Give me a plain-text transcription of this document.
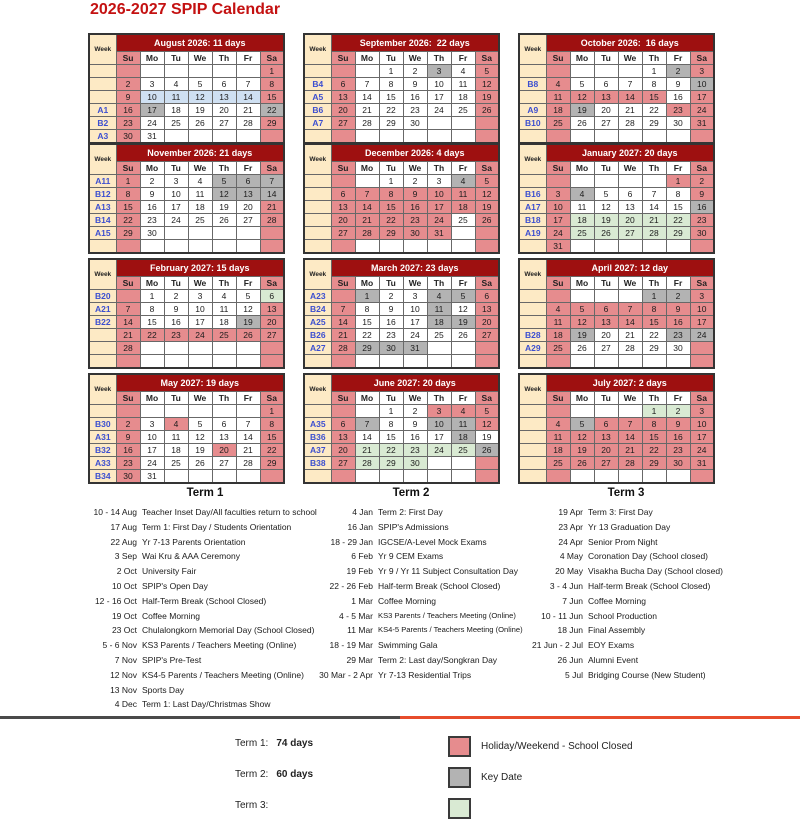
2026-2027 SPIP Calendar
Week	August 2026: 11 days						
	Su	Mo	Tu	We	Th	Fr	Sa
							1
	2	3	4	5	6	7	8
	9	10	11	12	13	14	15
A1	16	17	18	19	20	21	22
B2	23	24	25	26	27	28	29
A3	30	31					
Week	September 2026:  22 days						
	Su	Mo	Tu	We	Th	Fr	Sa
			1	2	3	4	5
B4	6	7	8	9	10	11	12
A5	13	14	15	16	17	18	19
B6	20	21	22	23	24	25	26
A7	27	28	29	30			

Week	October 2026:  16 days						
	Su	Mo	Tu	We	Th	Fr	Sa
					1	2	3
B8	4	5	6	7	8	9	10
	11	12	13	14	15	16	17
A9	18	19	20	21	22	23	24
B10	25	26	27	28	29	30	31

Week	November 2026: 21 days						
	Su	Mo	Tu	We	Th	Fr	Sa
A11	1	2	3	4	5	6	7
B12	8	9	10	11	12	13	14
A13	15	16	17	18	19	20	21
B14	22	23	24	25	26	27	28
A15	29	30					

Week	December 2026: 4 days						
	Su	Mo	Tu	We	Th	Fr	Sa
			1	2	3	4	5
	6	7	8	9	10	11	12
	13	14	15	16	17	18	19
	20	21	22	23	24	25	26
	27	28	29	30	31		

Week	January 2027: 20 days						
	Su	Mo	Tu	We	Th	Fr	Sa
						1	2
B16	3	4	5	6	7	8	9
A17	10	11	12	13	14	15	16
B18	17	18	19	20	21	22	23
A19	24	25	26	27	28	29	30
	31						
Week	February 2027: 15 days						
	Su	Mo	Tu	We	Th	Fr	Sa
B20		1	2	3	4	5	6
A21	7	8	9	10	11	12	13
B22	14	15	16	17	18	19	20
	21	22	23	24	25	26	27
	28						

Week	March 2027: 23 days						
	Su	Mo	Tu	We	Th	Fr	Sa
A23		1	2	3	4	5	6
B24	7	8	9	10	11	12	13
A25	14	15	16	17	18	19	20
B26	21	22	23	24	25	26	27
A27	28	29	30	31			

Week	April 2027: 12 day						
	Su	Mo	Tu	We	Th	Fr	Sa
					1	2	3
	4	5	6	7	8	9	10
	11	12	13	14	15	16	17
B28	18	19	20	21	22	23	24
A29	25	26	27	28	29	30	

Week	May 2027: 19 days						
	Su	Mo	Tu	We	Th	Fr	Sa
							1
B30	2	3	4	5	6	7	8
A31	9	10	11	12	13	14	15
B32	16	17	18	19	20	21	22
A33	23	24	25	26	27	28	29
B34	30	31					
Week	June 2027: 20 days						
	Su	Mo	Tu	We	Th	Fr	Sa
			1	2	3	4	5
A35	6	7	8	9	10	11	12
B36	13	14	15	16	17	18	19
A37	20	21	22	23	24	25	26
B38	27	28	29	30			

Week	July 2027: 2 days						
	Su	Mo	Tu	We	Th	Fr	Sa
					1	2	3
	4	5	6	7	8	9	10
	11	12	13	14	15	16	17
	18	19	20	21	22	23	24
	25	26	27	28	29	30	31

Term 1
10 - 14 Aug Teacher Inset Day/All faculties return to school
17 Aug Term 1: First Day / Students Orientation
22 Aug Yr 7-13 Parents Orientation
3 Sep Wai Kru & AAA Ceremony
2 Oct University Fair
10 Oct SPIP's Open Day
12 - 16 Oct Half-Term Break (School Closed)
19 Oct Coffee Morning
23 Oct Chulalongkorn Memorial Day (School Closed)
5 - 6 Nov KS3 Parents / Teachers Meeting (Online)
7 Nov SPIP's Pre-Test
12 Nov KS4-5 Parents / Teachers Meeting (Online)
13 Nov Sports Day
4 Dec Term 1: Last Day/Christmas Show
Term 2
4 Jan Term 2: First Day
16 Jan SPIP's Admissions
18 - 29 Jan IGCSE/A-Level Mock Exams
6 Feb Yr 9 CEM Exams
19 Feb Yr 9 / Yr 11 Subject Consultation Day
22 - 26 Feb Half-term Break (School Closed)
1 Mar Coffee Morning
4 - 5 Mar KS3 Parents / Teachers Meeting (Online)
11 Mar KS4-5 Parents / Teachers Meeting (Online)
18 - 19 Mar Swimming Gala
29 Mar Term 2: Last day/Songkran Day
30 Mar - 2 Apr Yr 7-13 Residential Trips
Term 3
19 Apr Term 3: First Day
23 Apr Yr 13 Graduation Day
24 Apr Senior Prom Night
4 May Coronation Day (School closed)
20 May Visakha Bucha Day (School closed)
3 - 4 Jun Half-term Break (School Closed)
7 Jun Coffee Morning
10 - 11 Jun School Production
18 Jun Final Assembly
21 Jun - 2 Jul EOY Exams
26 Jun Alumni Event
5 Jul Bridging Course (New Student)
Term 1: 74 days
Term 2: 60 days
Term 3:
Holiday/Weekend - School Closed
Key Date
